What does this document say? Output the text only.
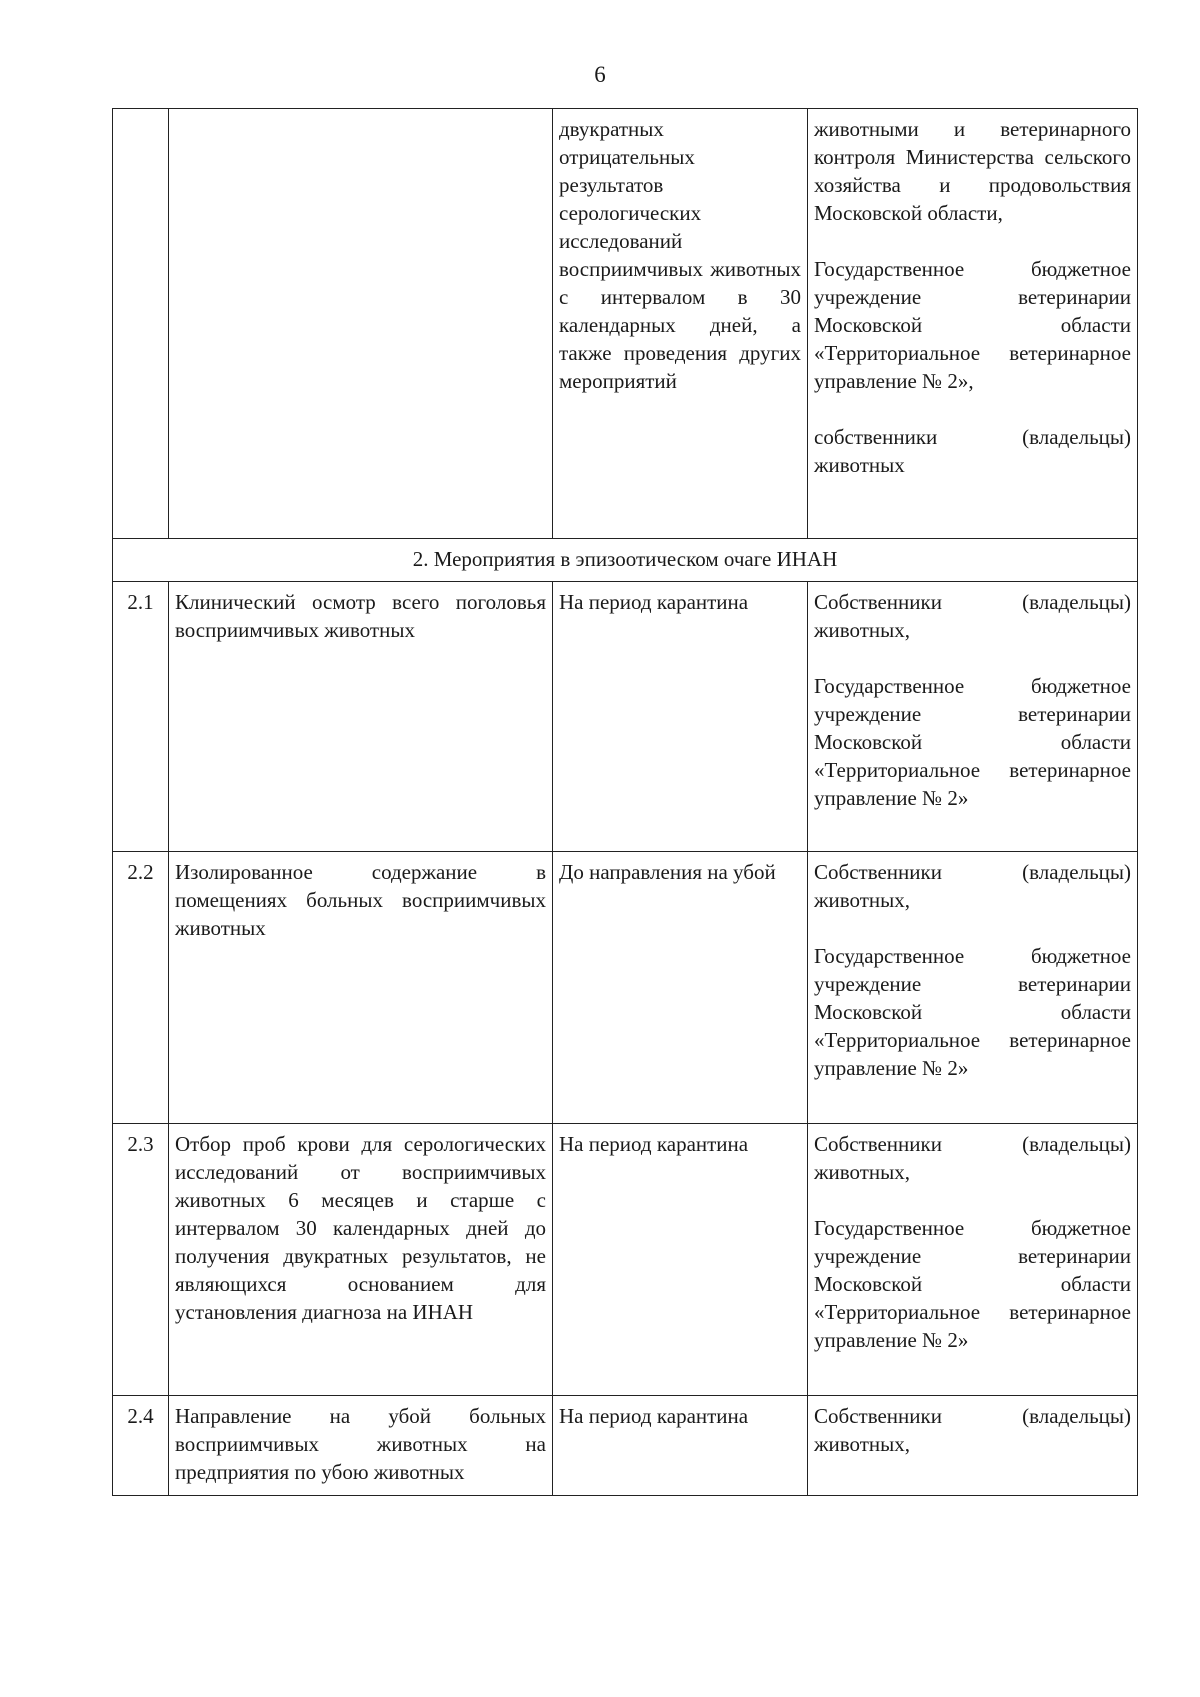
6
		двукратных отрицательных результатов серологических исследований восприимчивых животных с интервалом в 30 календарных дней, а также проведения других мероприятий	животными и ветеринарного контроля Министерства сельского хозяйства и продовольствия Московской области,
Государственное бюджетное учреждение ветеринарии Московской области «Территориальное ветеринарное управление № 2»,
собственники (владельцы) животных

2. Мероприятия в эпизоотическом очаге ИНАН			
2.1	Клинический осмотр всего поголовья восприимчивых животных	На период карантина	Собственники (владельцы) животных,
Государственное бюджетное учреждение ветеринарии Московской области «Территориальное ветеринарное управление № 2»

2.2	Изолированное содержание в помещениях больных восприимчивых животных	До направления на убой	Собственники (владельцы) животных,
Государственное бюджетное учреждение ветеринарии Московской области «Территориальное ветеринарное управление № 2»

2.3	Отбор проб крови для серологических исследований от восприимчивых животных 6 месяцев и старше с интервалом 30 календарных дней до получения двукратных результатов, не являющихся основанием для установления диагноза на ИНАН	На период карантина	Собственники (владельцы) животных,
Государственное бюджетное учреждение ветеринарии Московской области «Территориальное ветеринарное управление № 2»

2.4	Направление на убой больных восприимчивых животных на предприятия по убою животных	На период карантина	Собственники (владельцы) животных,
